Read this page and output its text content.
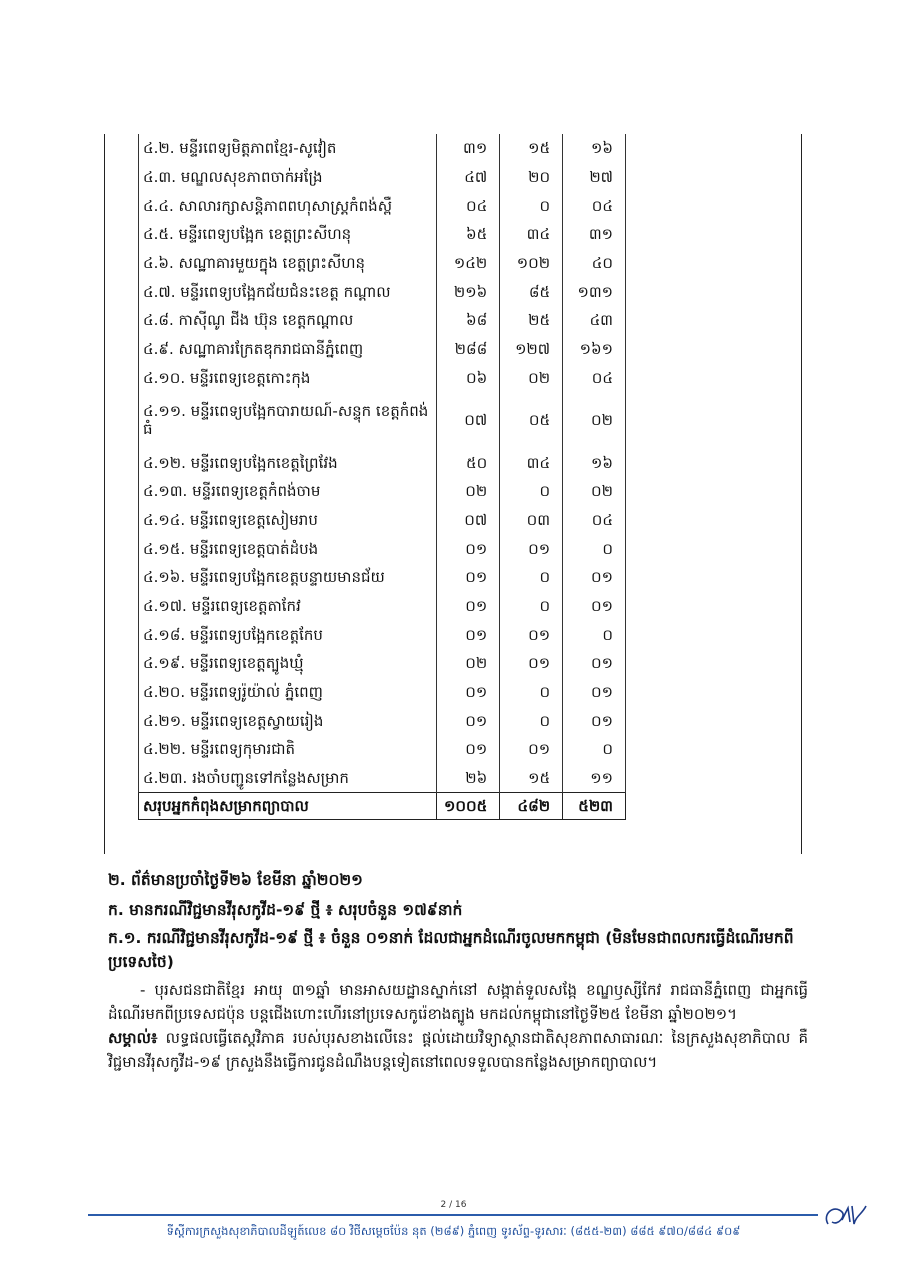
៤.២. មន្ទីរពេទ្យមិត្តភាពខ្មែរ-សូវៀត	៣១	១៥	១៦
៤.៣. មណ្ឌលសុខភាពចាក់អង្រែ	៤៧	២០	២៧
៤.៤. សាលារក្សាសន្តិភាពពហុសាស្ត្រកំពង់ស្ពឺ	០៤	០	០៤
៤.៥. មន្ទីរពេទ្យបង្អែក ខេត្តព្រះសីហនុ	៦៥	៣៤	៣១
៤.៦. សណ្ឋាគារមួយក្នុង ខេត្តព្រះសីហនុ	១៤២	១០២	៤០
៤.៧. មន្ទីរពេទ្យបង្អែកជ័យជំនះខេត្ត កណ្តាល	២១៦	៨៥	១៣១
៤.៨. កាស៊ីណូ ជីង ឃ៊ុន ខេត្តកណ្តាល	៦៨	២៥	៤៣
៤.៩. សណ្ឋាគារក្រែតឌុករាជធានីភ្នំពេញ	២៨៨	១២៧	១៦១
៤.១០. មន្ទីរពេទ្យខេត្តកោះកុង	០៦	០២	០៤
៤.១១. មន្ទីរពេទ្យបង្អែកបារាយណ៍-សន្ទុក ខេត្តកំពង់ធំ	០៧	០៥	០២
៤.១២. មន្ទីរពេទ្យបង្អែកខេត្តព្រៃវែង	៥០	៣៤	១៦
៤.១៣. មន្ទីរពេទ្យខេត្តកំពង់ចាម	០២	០	០២
៤.១៤. មន្ទីរពេទ្យខេត្តសៀមរាប	០៧	០៣	០៤
៤.១៥. មន្ទីរពេទ្យខេត្តបាត់ដំបង	០១	០១	០
៤.១៦. មន្ទីរពេទ្យបង្អែកខេត្តបន្ទាយមានជ័យ	០១	០	០១
៤.១៧. មន្ទីរពេទ្យខេត្តតាកែវ	០១	០	០១
៤.១៨. មន្ទីរពេទ្យបង្អែកខេត្តកែប	០១	០១	០
៤.១៩. មន្ទីរពេទ្យខេត្តត្បូងឃ្មុំ	០២	០១	០១
៤.២០. មន្ទីរពេទ្យរ៉ូយ៉ាល់ ភ្នំពេញ	០១	០	០១
៤.២១. មន្ទីរពេទ្យខេត្តស្វាយរៀង	០១	០	០១
៤.២២. មន្ទីរពេទ្យកុមារជាតិ	០១	០១	០
៤.២៣. រងចាំបញ្ជូនទៅកន្លែងសម្រាក	២៦	១៥	១១
សរុបអ្នកកំពុងសម្រាកព្យាបាល	១០០៥	៤៨២	៥២៣
២. ព័ត៌មានប្រចាំថ្ងៃទី២៦ ខែមីនា ឆ្នាំ២០២១
ក. មានករណីវិជ្ជមានវីរុសកូវីដ-១៩ ថ្មី ៖ សរុបចំនួន ១៧៩នាក់
ក.១. ករណីវិជ្ជមានវីរុសកូវីដ-១៩ ថ្មី ៖ ចំនួន ០១នាក់ ដែលជាអ្នកដំណើរចូលមកកម្ពុជា (មិនមែនជាពលករធ្វើដំណើរមកពីប្រទេសថៃ)
- បុរសជនជាតិខ្មែរ អាយុ ៣១ឆ្នាំ មានអាសយដ្ឋានស្នាក់នៅ សង្កាត់ទួលសង្កែ ខណ្ឌឫស្សីកែវ រាជធានីភ្នំពេញ ជាអ្នកធ្វើដំណើរមកពីប្រទេសជប៉ុន បន្តជើងហោះហើរនៅប្រទេសកូរ៉េខាងត្បូង មកដល់កម្ពុជានៅថ្ងៃទី២៥ ខែមីនា ឆ្នាំ២០២១។
សម្គាល់៖ លទ្ធផលធ្វើតេស្តវិភាគ របស់បុរសខាងលើនេះ ផ្តល់ដោយវិទ្យាស្ថានជាតិសុខភាពសាធារណៈ នៃក្រសួងសុខាភិបាល គឺ វិជ្ជមានវីរុសកូវីដ-១៩ ក្រសួងនឹងធ្វើការជូនដំណឹងបន្តទៀតនៅពេលទទួលបានកន្លែងសម្រាកព្យាបាល។
2 / 16
ទីស្តីការក្រសួងសុខាភិបាលដីឡូត៍លេខ ៨០ វិថីសម្តេចប៉ែន នុត (២៨៩) ភ្នំពេញ ទូរស័ព្ទ-ទូរសារៈ (៨៥៥-២៣) ៨៨៥ ៩៧០/៨៨៤ ៩០៩
